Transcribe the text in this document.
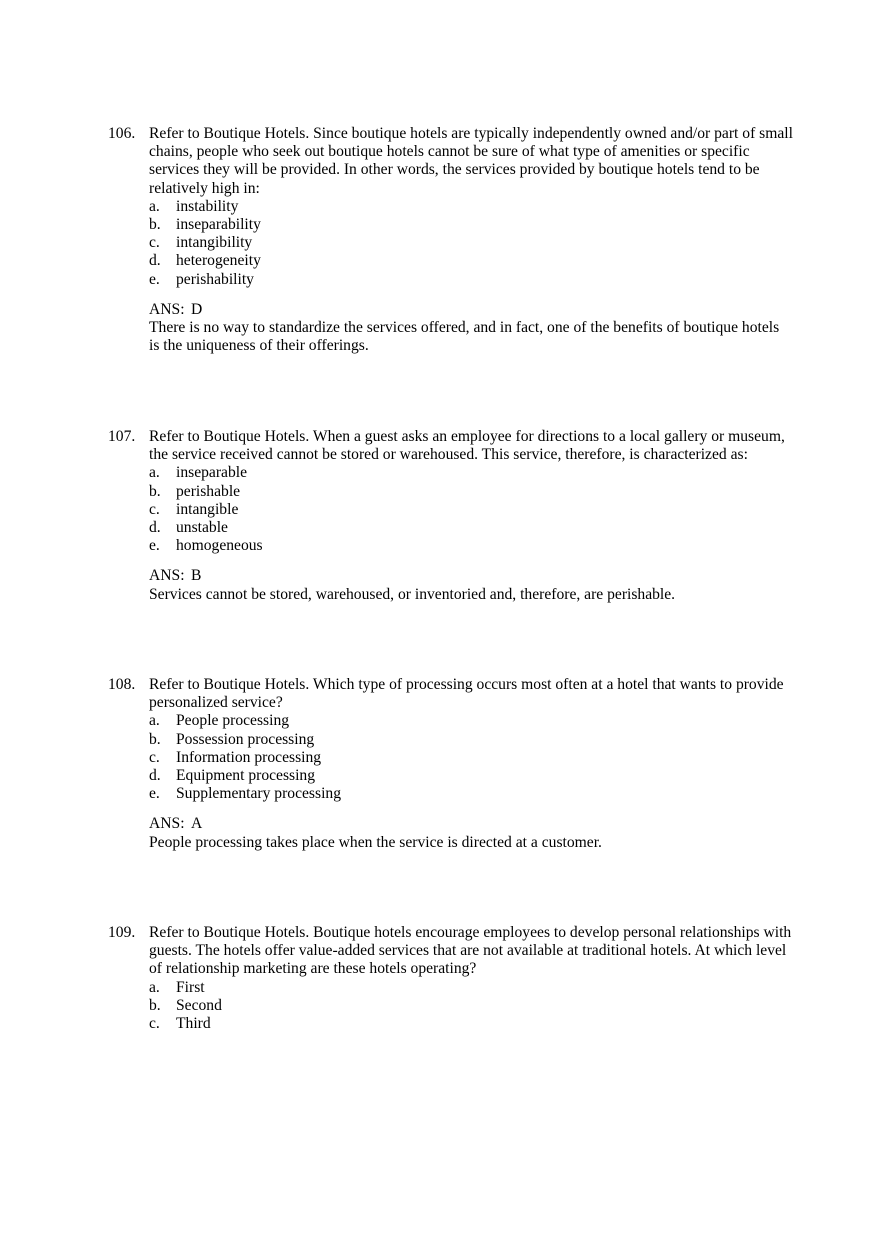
106. Refer to Boutique Hotels. Since boutique hotels are typically independently owned and/or part of small
chains, people who seek out boutique hotels cannot be sure of what type of amenities or specific
services they will be provided. In other words, the services provided by boutique hotels tend to be
relatively high in:

a. instability
b. inseparability
c. intangibility
d. heterogeneity
e. perishability

ANS: D

There is no way to standardize the services offered, and in fact, one of the benefits of boutique hotels
is the uniqueness of their offerings.

107. Refer to Boutique Hotels. When a guest asks an employee for directions to a local gallery or museum,
the service received cannot be stored or warehoused. This service, therefore, is characterized as:

a. inseparable
b. perishable
c. intangible
d. unstable
e. homogeneous

ANS: B

Services cannot be stored, warehoused, or inventoried and, therefore, are perishable.

108. Refer to Boutique Hotels. Which type of processing occurs most often at a hotel that wants to provide
personalized service?

a. People processing
b. Possession processing
c. Information processing
d. Equipment processing
e. Supplementary processing

ANS: A

People processing takes place when the service is directed at a customer.

109. Refer to Boutique Hotels. Boutique hotels encourage employees to develop personal relationships with
guests. The hotels offer value-added services that are not available at traditional hotels. At which level
of relationship marketing are these hotels operating?

a. First
b. Second
c. Third
